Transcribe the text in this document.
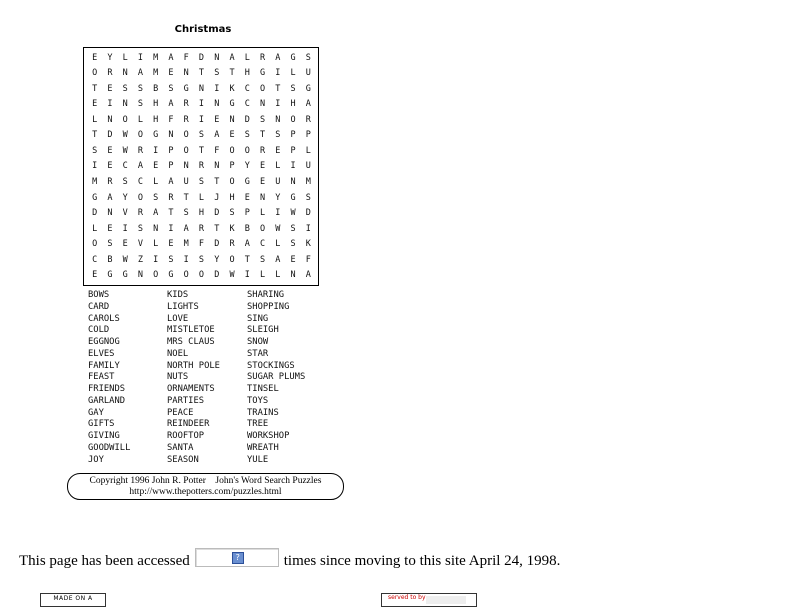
Christmas
E	Y	L	I	M	A	F	D	N	A	L	R	A	G	S
O	R	N	A	M	E	N	T	S	T	H	G	I	L	U
T	E	S	S	B	S	G	N	I	K	C	O	T	S	G
E	I	N	S	H	A	R	I	N	G	C	N	I	H	A
L	N	O	L	H	F	R	I	E	N	D	S	N	O	R
T	D	W	O	G	N	O	S	A	E	S	T	S	P	P
S	E	W	R	I	P	O	T	F	O	O	R	E	P	L
I	E	C	A	E	P	N	R	N	P	Y	E	L	I	U
M	R	S	C	L	A	U	S	T	O	G	E	U	N	M
G	A	Y	O	S	R	T	L	J	H	E	N	Y	G	S
D	N	V	R	A	T	S	H	D	S	P	L	I	W	D
L	E	I	S	N	I	A	R	T	K	B	O	W	S	I
O	S	E	V	L	E	M	F	D	R	A	C	L	S	K
C	B	W	Z	I	S	I	S	Y	O	T	S	A	E	F
E	G	G	N	O	G	O	O	D	W	I	L	L	N	A
BOWS
CARD
CAROLS
COLD
EGGNOG
ELVES
FAMILY
FEAST
FRIENDS
GARLAND
GAY
GIFTS
GIVING
GOODWILL
JOY
KIDS
LIGHTS
LOVE
MISTLETOE
MRS CLAUS
NOEL
NORTH POLE
NUTS
ORNAMENTS
PARTIES
PEACE
REINDEER
ROOFTOP
SANTA
SEASON
SHARING
SHOPPING
SING
SLEIGH
SNOW
STAR
STOCKINGS
SUGAR PLUMS
TINSEL
TOYS
TRAINS
TREE
WORKSHOP
WREATH
YULE
Copyright 1996 John R. Potter    John's Word Search Puzzles
http://www.thepotters.com/puzzles.html
This page has been accessed	?	times since moving to this site April 24, 1998.
MADE ON A	served to by
